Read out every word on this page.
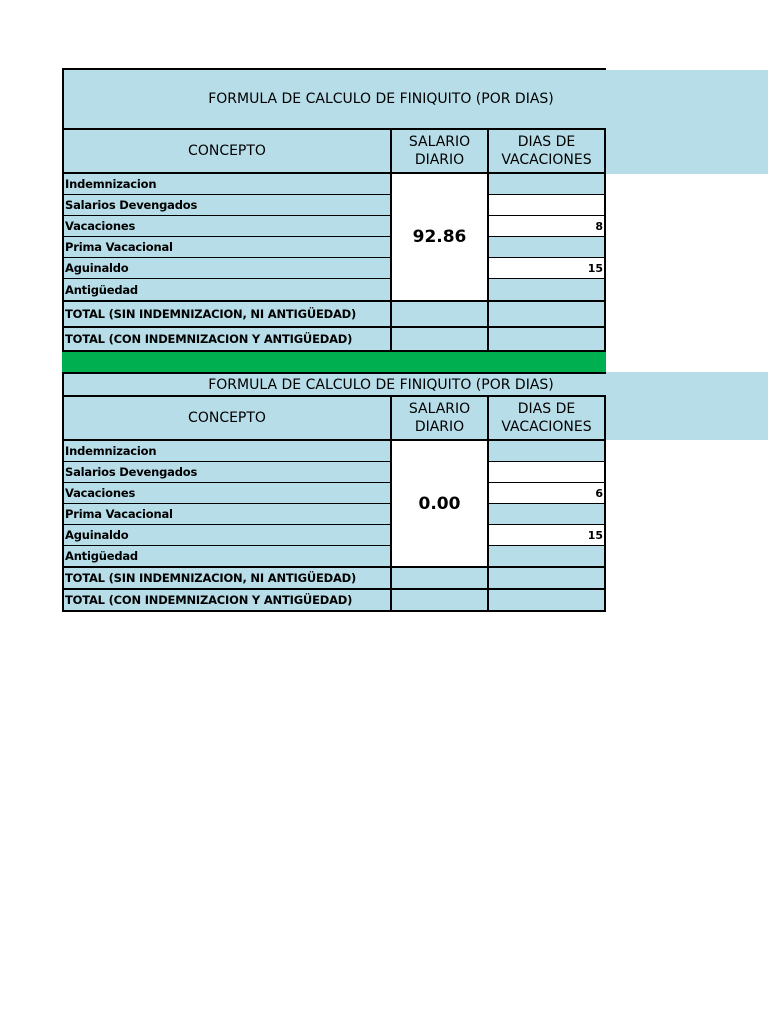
FORMULA DE CALCULO DE FINIQUITO (POR DIAS)
CONCEPTO
SALARIO DIARIO
DIAS DE VACACIONES
Indemnizacion
Salarios Devengados
Vacaciones
Prima Vacacional
Aguinaldo
Antigüedad
92.86
8
15
TOTAL (SIN INDEMNIZACION, NI ANTIGÜEDAD)
TOTAL (CON INDEMNIZACION Y ANTIGÜEDAD)
FORMULA DE CALCULO DE FINIQUITO (POR DIAS)
CONCEPTO
SALARIO DIARIO
DIAS DE VACACIONES
Indemnizacion
Salarios Devengados
Vacaciones
Prima Vacacional
Aguinaldo
Antigüedad
0.00
6
15
TOTAL (SIN INDEMNIZACION, NI ANTIGÜEDAD)
TOTAL (CON INDEMNIZACION Y ANTIGÜEDAD)
